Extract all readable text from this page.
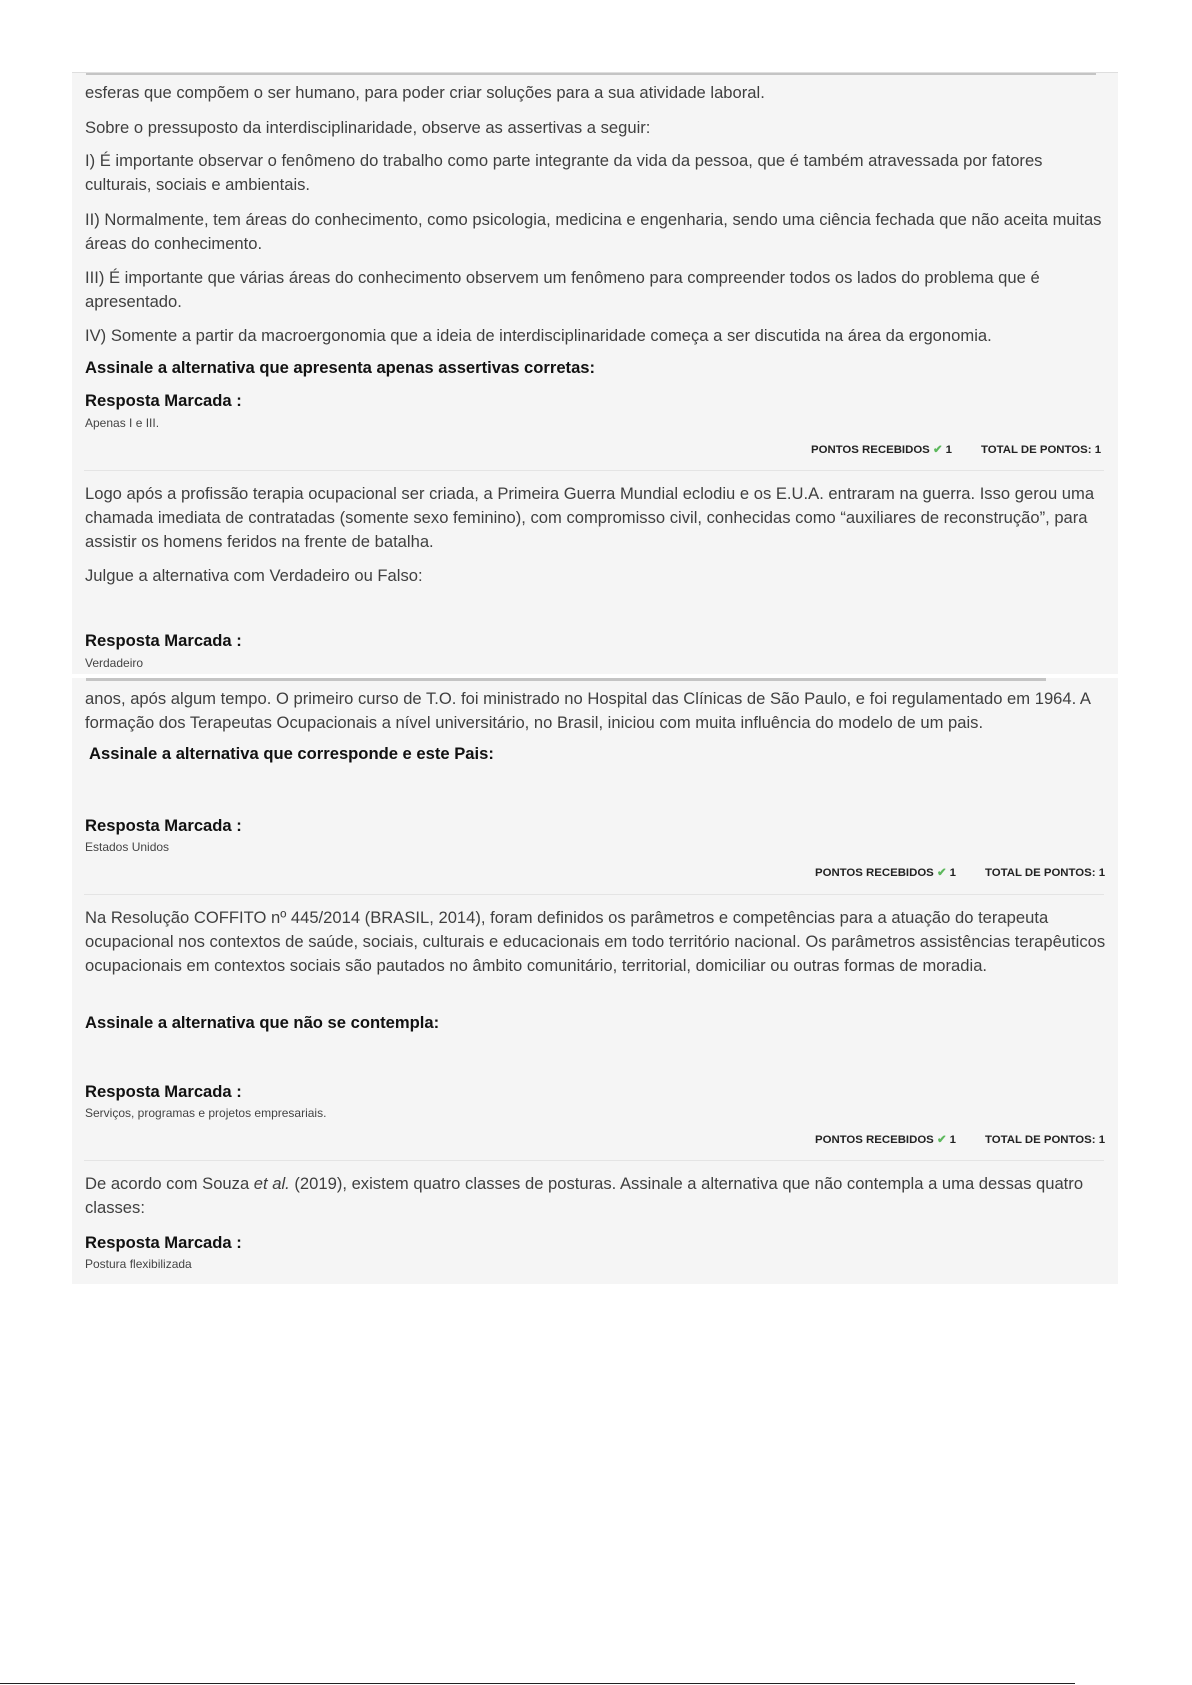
esferas que compõem o ser humano, para poder criar soluções para a sua atividade laboral.

Sobre o pressuposto da interdisciplinaridade, observe as assertivas a seguir:

I) É importante observar o fenômeno do trabalho como parte integrante da vida da pessoa, que é também atravessada por fatores culturais, sociais e ambientais.

II) Normalmente, tem áreas do conhecimento, como psicologia, medicina e engenharia, sendo uma ciência fechada que não aceita muitas áreas do conhecimento.

III) É importante que várias áreas do conhecimento observem um fenômeno para compreender todos os lados do problema que é apresentado.

IV) Somente a partir da macroergonomia que a ideia de interdisciplinaridade começa a ser discutida na área da ergonomia.

Assinale a alternativa que apresenta apenas assertivas corretas:

Resposta Marcada :

Apenas I e III.

PONTOS RECEBIDOS ✔ 1	TOTAL DE PONTOS: 1

Logo após a profissão terapia ocupacional ser criada, a Primeira Guerra Mundial eclodiu e os E.U.A. entraram na guerra. Isso gerou uma chamada imediata de contratadas (somente sexo feminino), com compromisso civil, conhecidas como “auxiliares de reconstrução”, para assistir os homens feridos na frente de batalha.

Julgue a alternativa com Verdadeiro ou Falso:

Resposta Marcada :

Verdadeiro

anos, após algum tempo. O primeiro curso de T.O. foi ministrado no Hospital das Clínicas de São Paulo, e foi regulamentado em 1964. A formação dos Terapeutas Ocupacionais a nível universitário, no Brasil, iniciou com muita influência do modelo de um pais.

Assinale a alternativa que corresponde e este Pais:

Resposta Marcada :

Estados Unidos

PONTOS RECEBIDOS ✔ 1	TOTAL DE PONTOS: 1

Na Resolução COFFITO nº 445/2014 (BRASIL, 2014), foram definidos os parâmetros e competências para a atuação do terapeuta ocupacional nos contextos de saúde, sociais, culturais e educacionais em todo território nacional. Os parâmetros assistências terapêuticos ocupacionais em contextos sociais são pautados no âmbito comunitário, territorial, domiciliar ou outras formas de moradia.

Assinale a alternativa que não se contempla:

Resposta Marcada :

Serviços, programas e projetos empresariais.

PONTOS RECEBIDOS ✔ 1	TOTAL DE PONTOS: 1

De acordo com Souza et al. (2019), existem quatro classes de posturas. Assinale a alternativa que não contempla a uma dessas quatro classes:

Resposta Marcada :

Postura flexibilizada
